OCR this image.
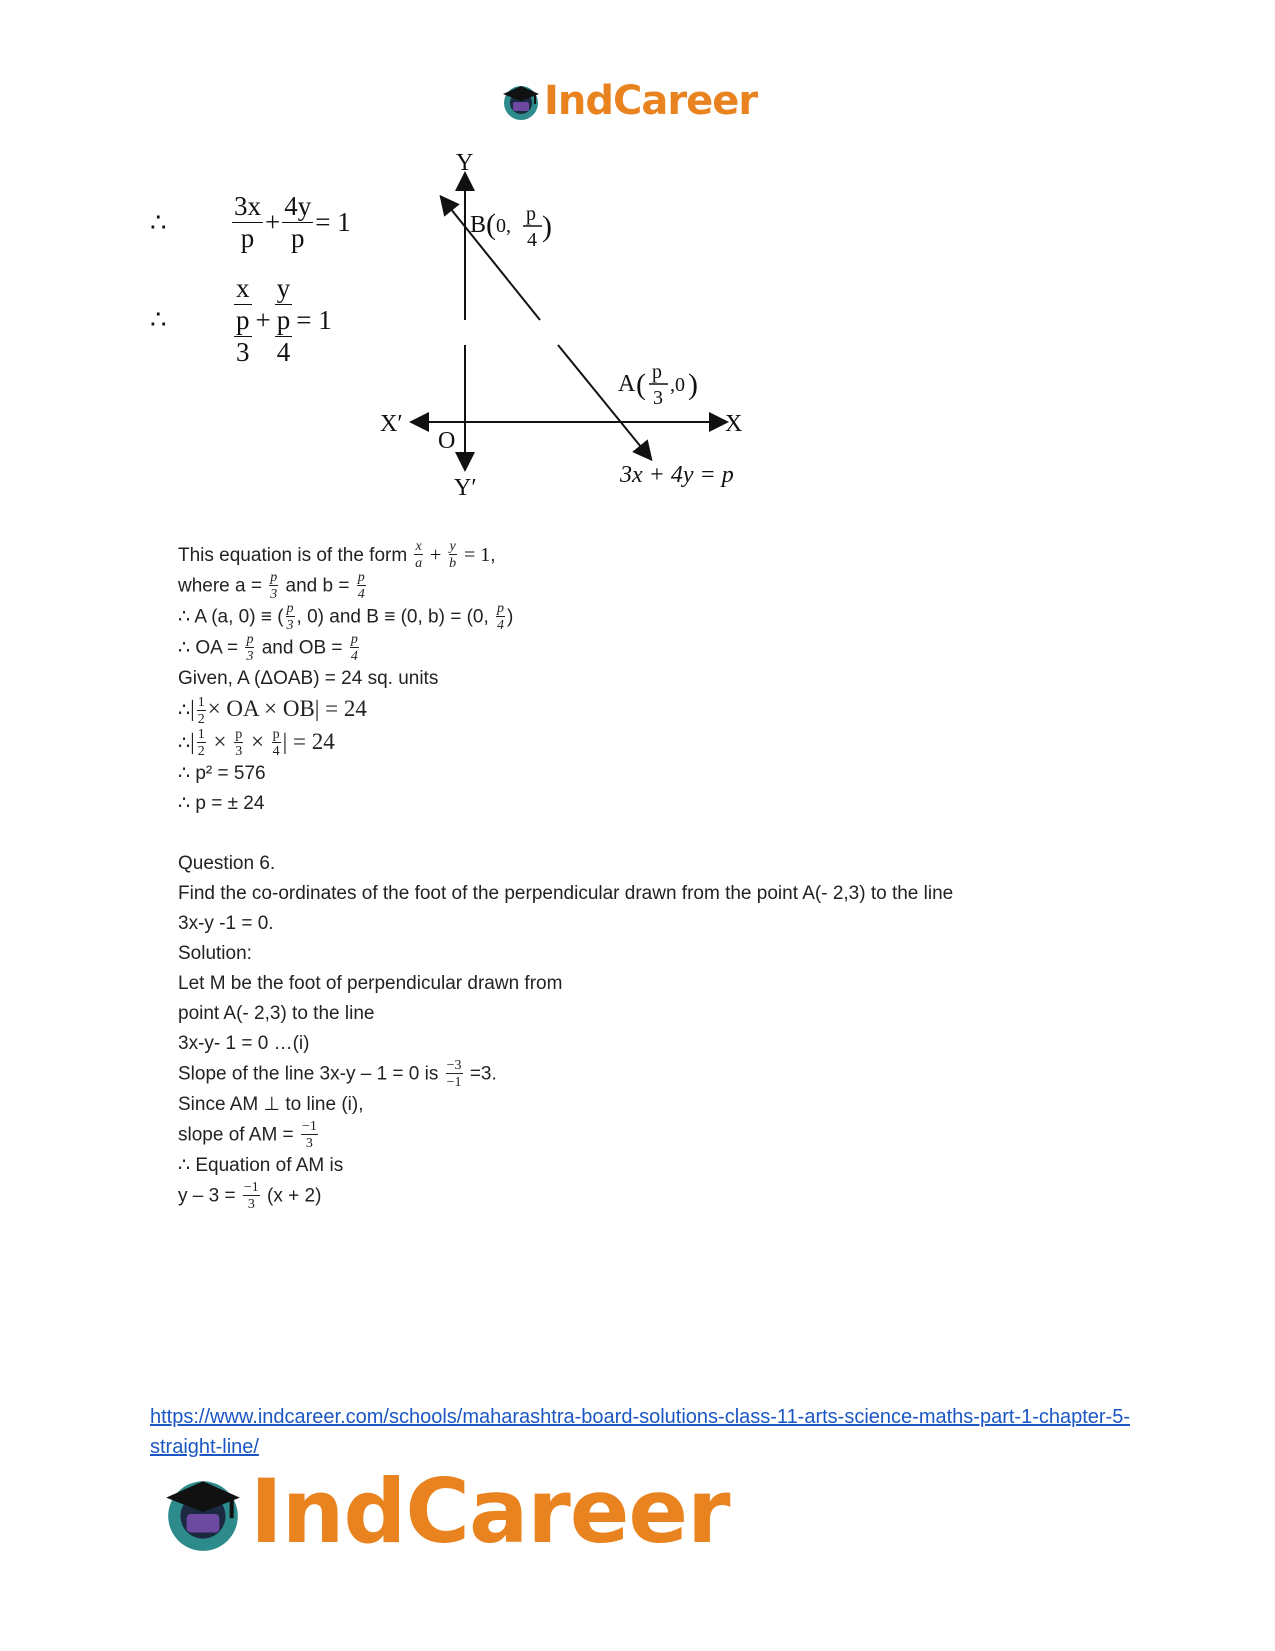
IndCareer
∴	$\frac{3x}{p} + \frac{4y}{p} = 1$
∴	$\frac{x}{\frac{p}{3}} + \frac{y}{\frac{p}{4}} = 1$
Y
Y′
X
X′
O
B(0,
p
4 )
A ( p
3
,0 )
3x + 4y = p
This equation is of the form $\frac{x}{a} + \frac{y}{b} = 1$,
where $a = \frac{p}{3}$ and $b = \frac{p}{4}$
∴ A (a, 0) ≡ ( $\frac{p}{3}$ , 0) and B ≡ (0, b) = (0, $\frac{p}{4}$ )
∴ OA = $\frac{p}{3}$ and OB = $\frac{p}{4}$
Given, A (ΔOAB) = 24 sq. units
∴| $\frac{1}{2}$ × OA × OB| = 24
∴| $\frac{1}{2} \times \frac{p}{3} \times \frac{p}{4}$ | = 24
∴ p² = 576
∴ p = ± 24
Question 6.
Find the co-ordinates of the foot of the perpendicular drawn from the point A(- 2,3) to the line
3x-y -1 = 0.
Solution:
Let M be the foot of perpendicular drawn from
point A(- 2,3) to the line
3x-y- 1 = 0 …(i)
Slope of the line 3x-y – 1 = 0 is $\frac{-3}{-1} =3$.
Since AM ⊥ to line (i),
slope of AM = $\frac{-1}{3}$
∴ Equation of AM is
$y - 3 = \frac{-1}{3} (x + 2)$
https://www.indcareer.com/schools/maharashtra-board-solutions-class-11-arts-science-maths-part-1-chapter-5-straight-line/
IndCareer
